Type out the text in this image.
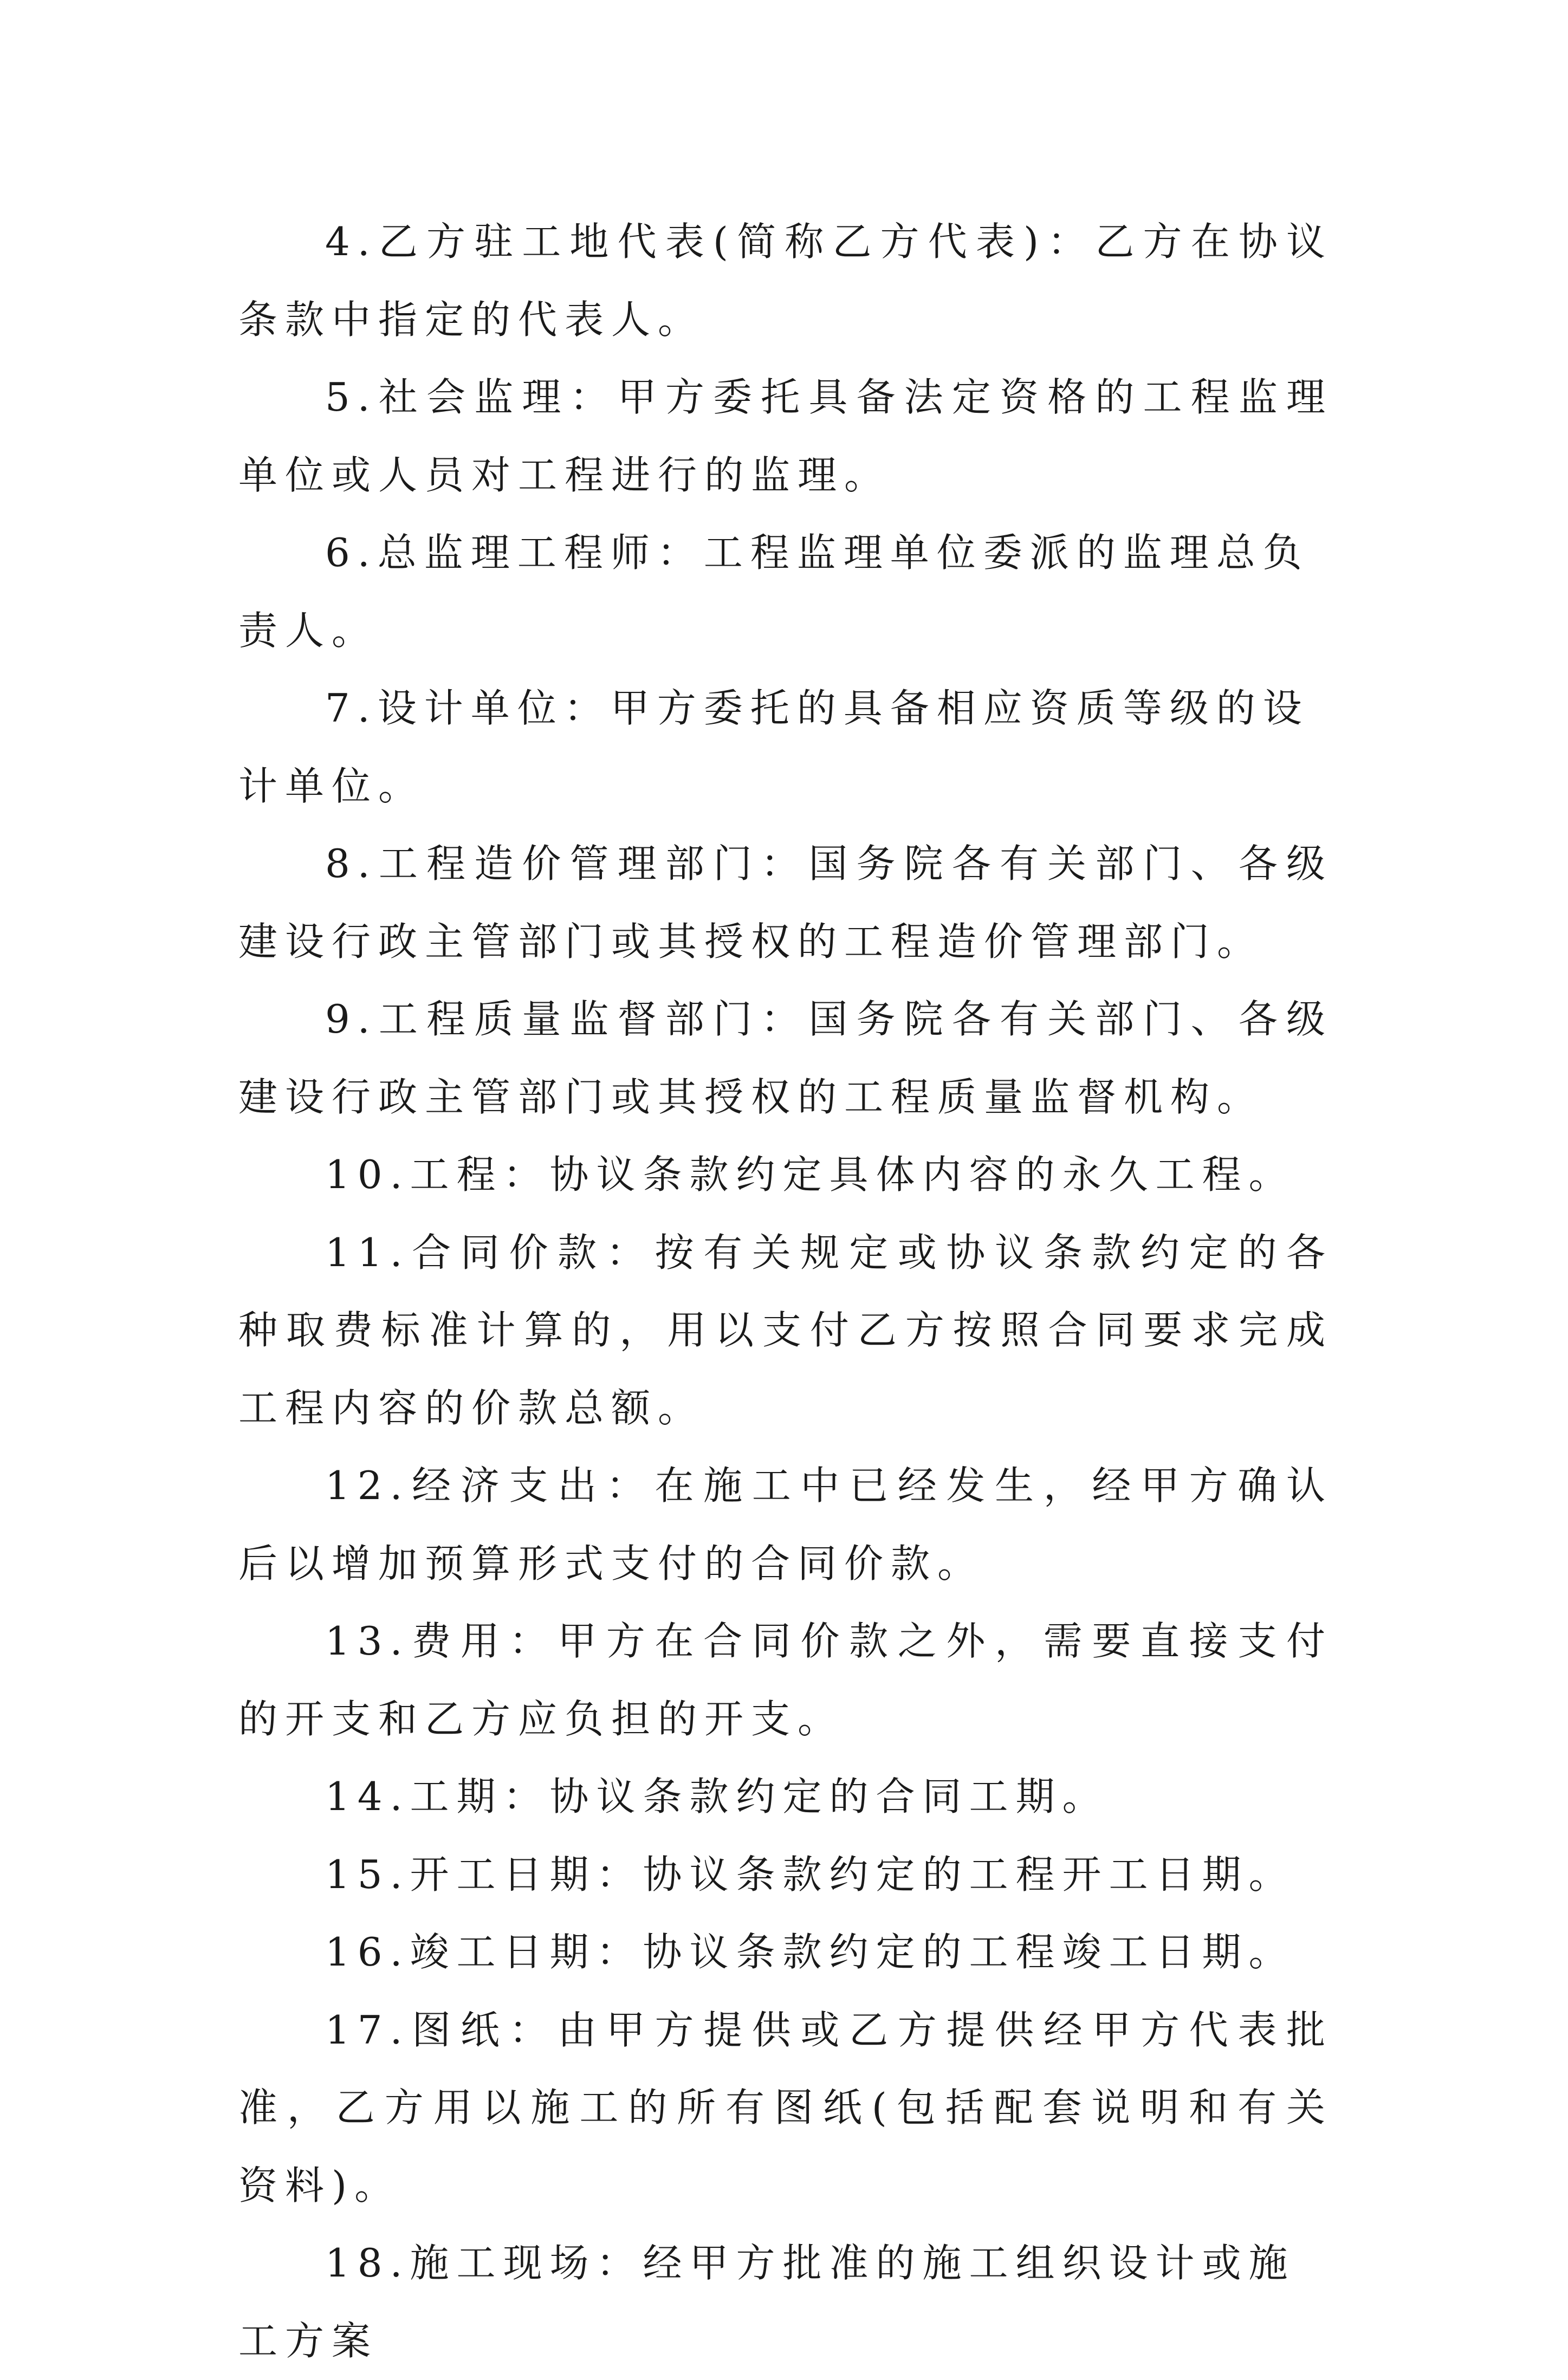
4.乙方驻工地代表(简称乙方代表)：乙方在协议条款中指定的代表人。

5.社会监理：甲方委托具备法定资格的工程监理单位或人员对工程进行的监理。

6.总监理工程师：工程监理单位委派的监理总负责人。

7.设计单位：甲方委托的具备相应资质等级的设计单位。

8.工程造价管理部门：国务院各有关部门、各级建设行政主管部门或其授权的工程造价管理部门。

9.工程质量监督部门：国务院各有关部门、各级建设行政主管部门或其授权的工程质量监督机构。

10.工程：协议条款约定具体内容的永久工程。

11.合同价款：按有关规定或协议条款约定的各种取费标准计算的，用以支付乙方按照合同要求完成工程内容的价款总额。

12.经济支出：在施工中已经发生，经甲方确认后以增加预算形式支付的合同价款。

13.费用：甲方在合同价款之外，需要直接支付的开支和乙方应负担的开支。

14.工期：协议条款约定的合同工期。

15.开工日期：协议条款约定的工程开工日期。

16.竣工日期：协议条款约定的工程竣工日期。

17.图纸：由甲方提供或乙方提供经甲方代表批准，乙方用以施工的所有图纸(包括配套说明和有关资料)。

18.施工现场：经甲方批准的施工组织设计或施工方案
